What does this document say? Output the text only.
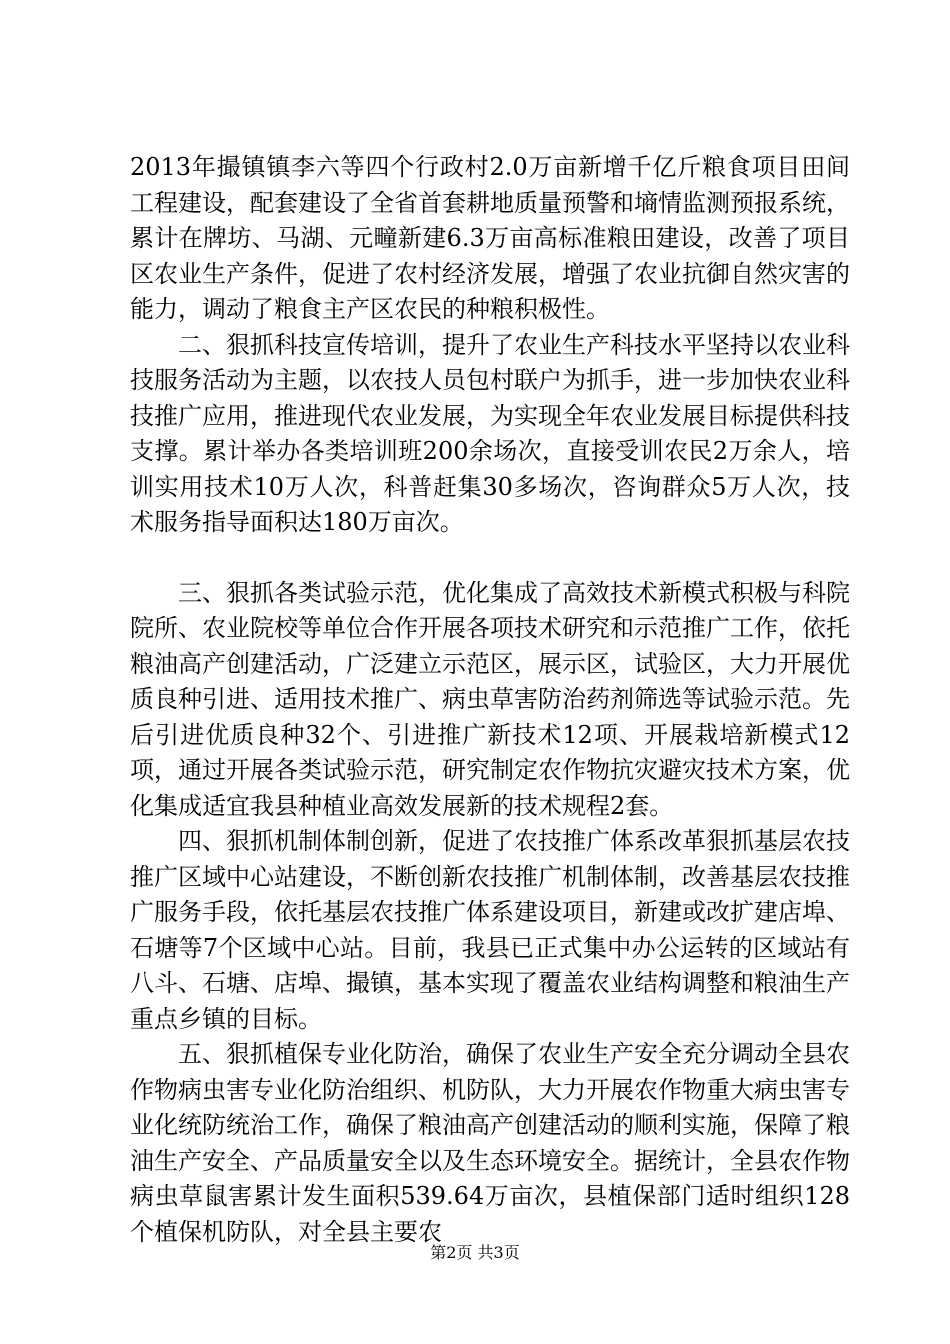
2013年撮镇镇李六等四个行政村2.0万亩新增千亿斤粮食项目田间工程建设，配套建设了全省首套耕地质量预警和墒情监测预报系统，累计在牌坊、马湖、元疃新建6.3万亩高标准粮田建设，改善了项目区农业生产条件，促进了农村经济发展，增强了农业抗御自然灾害的能力，调动了粮食主产区农民的种粮积极性。

　　二、狠抓科技宣传培训，提升了农业生产科技水平坚持以农业科技服务活动为主题，以农技人员包村联户为抓手，进一步加快农业科技推广应用，推进现代农业发展，为实现全年农业发展目标提供科技支撑。累计举办各类培训班200余场次，直接受训农民2万余人，培训实用技术10万人次，科普赶集30多场次，咨询群众5万人次，技术服务指导面积达180万亩次。

　　三、狠抓各类试验示范，优化集成了高效技术新模式积极与科院院所、农业院校等单位合作开展各项技术研究和示范推广工作，依托粮油高产创建活动，广泛建立示范区，展示区，试验区，大力开展优质良种引进、适用技术推广、病虫草害防治药剂筛选等试验示范。先后引进优质良种32个、引进推广新技术12项、开展栽培新模式12项，通过开展各类试验示范，研究制定农作物抗灾避灾技术方案，优化集成适宜我县种植业高效发展新的技术规程2套。

　　四、狠抓机制体制创新，促进了农技推广体系改革狠抓基层农技推广区域中心站建设，不断创新农技推广机制体制，改善基层农技推广服务手段，依托基层农技推广体系建设项目，新建或改扩建店埠、石塘等7个区域中心站。目前，我县已正式集中办公运转的区域站有八斗、石塘、店埠、撮镇，基本实现了覆盖农业结构调整和粮油生产重点乡镇的目标。

　　五、狠抓植保专业化防治，确保了农业生产安全充分调动全县农作物病虫害专业化防治组织、机防队，大力开展农作物重大病虫害专业化统防统治工作，确保了粮油高产创建活动的顺利实施，保障了粮油生产安全、产品质量安全以及生态环境安全。据统计，全县农作物病虫草鼠害累计发生面积539.64万亩次，县植保部门适时组织128个植保机防队，对全县主要农

第2页 共3页
